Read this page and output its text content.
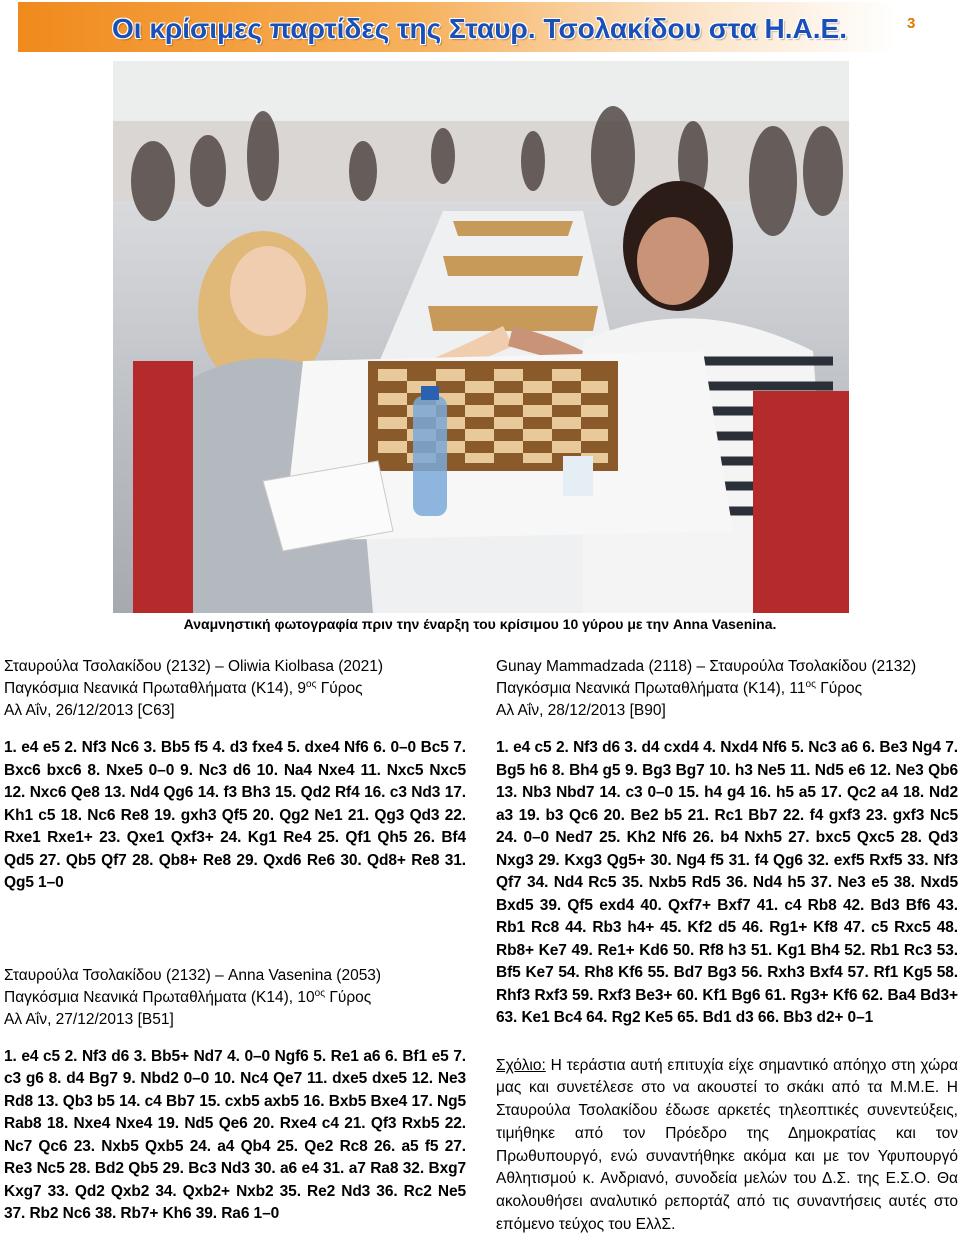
Οι κρίσιμες παρτίδες της Σταυρ. Τσολακίδου στα Η.Α.Ε.	3
Αναμνηστική φωτογραφία πριν την έναρξη του κρίσιμου 10 γύρου με την Anna Vasenina.
Σταυρούλα Τσολακίδου (2132) – Oliwia Kiolbasa (2021)
Παγκόσμια Νεανικά Πρωταθλήματα (Κ14), $9^{o\varsigma}$ Γύρος
Αλ Αΐν, 26/12/2013 [C63]
1. e4 e5 2. Nf3 Nc6 3. Bb5 f5 4. d3 fxe4 5. dxe4 Nf6 6. 0–0 Bc5 7. Bxc6 bxc6 8. Nxe5 0–0 9. Nc3 d6 10. Na4 Nxe4 11. Nxc5 Nxc5 12. Nxc6 Qe8 13. Nd4 Qg6 14. f3 Bh3 15. Qd2 Rf4 16. c3 Nd3 17. Kh1 c5 18. Nc6 Re8 19. gxh3 Qf5 20. Qg2 Ne1 21. Qg3 Qd3 22. Rxe1 Rxe1+ 23. Qxe1 Qxf3+ 24. Kg1 Re4 25. Qf1 Qh5 26. Bf4 Qd5 27. Qb5 Qf7 28. Qb8+ Re8 29. Qxd6 Re6 30. Qd8+ Re8 31. Qg5 1–0
Σταυρούλα Τσολακίδου (2132) – Anna Vasenina (2053)
Παγκόσμια Νεανικά Πρωταθλήματα (Κ14), $10^{o\varsigma}$ Γύρος
Αλ Αΐν, 27/12/2013 [B51]
1. e4 c5 2. Nf3 d6 3. Bb5+ Nd7 4. 0–0 Ngf6 5. Re1 a6 6. Bf1 e5 7. c3 g6 8. d4 Bg7 9. Nbd2 0–0 10. Nc4 Qe7 11. dxe5 dxe5 12. Ne3 Rd8 13. Qb3 b5 14. c4 Bb7 15. cxb5 axb5 16. Bxb5 Bxe4 17. Ng5 Rab8 18. Nxe4 Nxe4 19. Nd5 Qe6 20. Rxe4 c4 21. Qf3 Rxb5 22. Nc7 Qc6 23. Nxb5 Qxb5 24. a4 Qb4 25. Qe2 Rc8 26. a5 f5 27. Re3 Nc5 28. Bd2 Qb5 29. Bc3 Nd3 30. a6 e4 31. a7 Ra8 32. Bxg7 Kxg7 33. Qd2 Qxb2 34. Qxb2+ Nxb2 35. Re2 Nd3 36. Rc2 Ne5 37. Rb2 Nc6 38. Rb7+ Kh6 39. Ra6 1–0
Gunay Mammadzada (2118) – Σταυρούλα Τσολακίδου (2132)
Παγκόσμια Νεανικά Πρωταθλήματα (Κ14), $11^{o\varsigma}$ Γύρος
Αλ Αΐν, 28/12/2013 [B90]
1. e4 c5 2. Nf3 d6 3. d4 cxd4 4. Nxd4 Nf6 5. Nc3 a6 6. Be3 Ng4 7. Bg5 h6 8. Bh4 g5 9. Bg3 Bg7 10. h3 Ne5 11. Nd5 e6 12. Ne3 Qb6 13. Nb3 Nbd7 14. c3 0–0 15. h4 g4 16. h5 a5 17. Qc2 a4 18. Nd2 a3 19. b3 Qc6 20. Be2 b5 21. Rc1 Bb7 22. f4 gxf3 23. gxf3 Nc5 24. 0–0 Ned7 25. Kh2 Nf6 26. b4 Nxh5 27. bxc5 Qxc5 28. Qd3 Nxg3 29. Kxg3 Qg5+ 30. Ng4 f5 31. f4 Qg6 32. exf5 Rxf5 33. Nf3 Qf7 34. Nd4 Rc5 35. Nxb5 Rd5 36. Nd4 h5 37. Ne3 e5 38. Nxd5 Bxd5 39. Qf5 exd4 40. Qxf7+ Bxf7 41. c4 Rb8 42. Bd3 Bf6 43. Rb1 Rc8 44. Rb3 h4+ 45. Kf2 d5 46. Rg1+ Kf8 47. c5 Rxc5 48. Rb8+ Ke7 49. Re1+ Kd6 50. Rf8 h3 51. Kg1 Bh4 52. Rb1 Rc3 53. Bf5 Ke7 54. Rh8 Kf6 55. Bd7 Bg3 56. Rxh3 Bxf4 57. Rf1 Kg5 58. Rhf3 Rxf3 59. Rxf3 Be3+ 60. Kf1 Bg6 61. Rg3+ Kf6 62. Ba4 Bd3+ 63. Ke1 Bc4 64. Rg2 Ke5 65. Bd1 d3 66. Bb3 d2+ 0–1
Σχόλιο: Η τεράστια αυτή επιτυχία είχε σημαντικό απόηχο στη χώρα μας και συνετέλεσε στο να ακουστεί το σκάκι από τα Μ.Μ.Ε. Η Σταυρούλα Τσολακίδου έδωσε αρκετές τηλεοπτικές συνεντεύξεις, τιμήθηκε από τον Πρόεδρο της Δημοκρατίας και τον Πρωθυπουργό, ενώ συναντήθηκε ακόμα και με τον Υφυπουργό Αθλητισμού κ. Ανδριανό, συνοδεία μελών του Δ.Σ. της Ε.Σ.Ο. Θα ακολουθήσει αναλυτικό ρεπορτάζ από τις συναντήσεις αυτές στο επόμενο τεύχος του ΕλλΣ.
